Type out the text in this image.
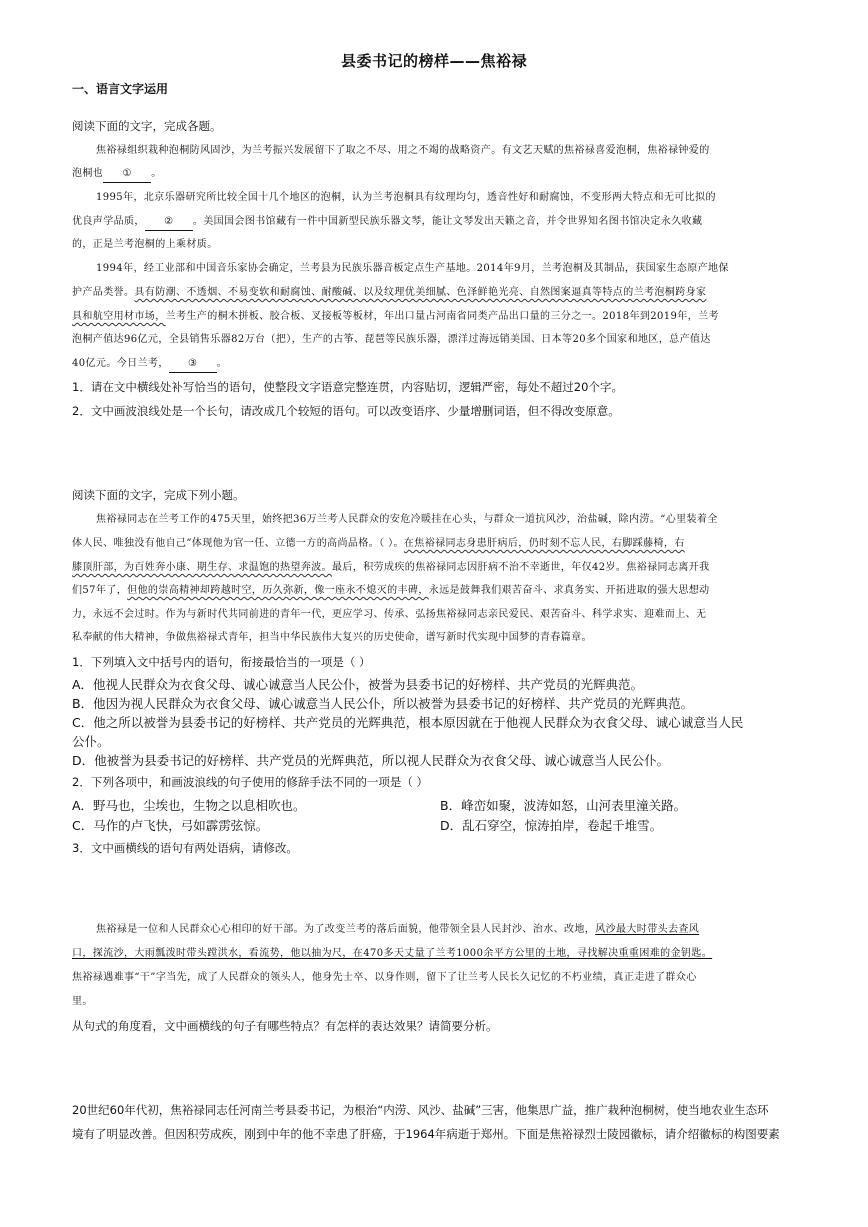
县委书记的榜样——焦裕禄
一、语言文字运用
阅读下面的文字，完成各题。
焦裕禄组织栽种泡桐防风固沙，为兰考振兴发展留下了取之不尽、用之不竭的战略资产。有文艺天赋的焦裕禄喜爱泡桐，焦裕禄钟爱的
泡桐也 ① 。
1995年，北京乐器研究所比较全国十几个地区的泡桐，认为兰考泡桐具有纹理均匀，透音性好和耐腐蚀，不变形两大特点和无可比拟的
优良声学品质， ② 。美国国会图书馆藏有一件中国新型民族乐器文琴，能让文琴发出天籁之音，并令世界知名图书馆决定永久收藏
的，正是兰考泡桐的上乘材质。
1994年，经工业部和中国音乐家协会确定，兰考县为民族乐器音板定点生产基地。2014年9月，兰考泡桐及其制品，获国家生态原产地保
护产品类誉。具有防潮、不透烟、不易变软和耐腐蚀、耐酸碱、以及纹理优美细腻、色泽鲜艳光亮、自然图案逼真等特点的兰考泡桐跨身家
具和航空用材市场，兰考生产的桐木拼板、胶合板、叉接板等板材，年出口量占河南省同类产品出口量的三分之一。2018年到2019年，兰考
泡桐产值达96亿元，全县销售乐器82万台（把），生产的古筝、琵琶等民族乐器，漂洋过海远销美国、日本等20多个国家和地区，总产值达
40亿元。今日兰考， ③ 。
1．请在文中横线处补写恰当的语句，使整段文字语意完整连贯，内容贴切，逻辑严密，每处不超过20个字。
2．文中画波浪线处是一个长句，请改成几个较短的语句。可以改变语序、少量增删词语，但不得改变原意。
阅读下面的文字，完成下列小题。
焦裕禄同志在兰考工作的475天里，始终把36万兰考人民群众的安危冷暖挂在心头，与群众一道抗风沙，治盐碱，除内涝。“心里装着全
体人民、唯独没有他自己”体现他为官一任、立德一方的高尚品格。（ ）。在焦裕禄同志身患肝病后，仍时刻不忘人民，右脚踩藤椅，右
膝顶肝部，为百姓奔小康、期生存、求温饱的热望奔波。最后，积劳成疾的焦裕禄同志因肝病不治不幸逝世，年仅42岁。焦裕禄同志离开我
们57年了，但他的崇高精神却跨越时空，历久弥新，像一座永不熄灭的丰碑，永远是鼓舞我们艰苦奋斗、求真务实、开拓进取的强大思想动
力，永远不会过时。作为与新时代共同前进的青年一代，更应学习、传承、弘扬焦裕禄同志亲民爱民、艰苦奋斗、科学求实、迎难而上、无
私奉献的伟大精神，争做焦裕禄式青年，担当中华民族伟大复兴的历史使命，谱写新时代实现中国梦的青春篇章。
1．下列填入文中括号内的语句，衔接最恰当的一项是（ ）
A．他视人民群众为衣食父母、诚心诚意当人民公仆，被誉为县委书记的好榜样、共产党员的光辉典范。
B．他因为视人民群众为衣食父母、诚心诚意当人民公仆，所以被誉为县委书记的好榜样、共产党员的光辉典范。
C．他之所以被誉为县委书记的好榜样、共产党员的光辉典范，根本原因就在于他视人民群众为衣食父母、诚心诚意当人民
公仆。
D．他被誉为县委书记的好榜样、共产党员的光辉典范，所以视人民群众为衣食父母、诚心诚意当人民公仆。
2．下列各项中，和画波浪线的句子使用的修辞手法不同的一项是（ ）
A．野马也，尘埃也，生物之以息相吹也。	B．峰峦如聚，波涛如怒，山河表里潼关路。
C．马作的卢飞快，弓如霹雳弦惊。	D．乱石穿空，惊涛拍岸，卷起千堆雪。
3．文中画横线的语句有两处语病，请修改。
焦裕禄是一位和人民群众心心相印的好干部。为了改变兰考的落后面貌，他带领全县人民封沙、治水、改地，风沙最大时带头去查风
口，探流沙，大雨瓢泼时带头蹚洪水，看流势，他以抽为尺，在470多天丈量了兰考1000余平方公里的土地，寻找解决重重困难的金钥匙。
焦裕禄遇难事“干”字当先，成了人民群众的领头人，他身先士卒、以身作则，留下了让兰考人民长久记忆的不朽业绩，真正走进了群众心
里。
从句式的角度看，文中画横线的句子有哪些特点？有怎样的表达效果？请简要分析。
20世纪60年代初，焦裕禄同志任河南兰考县委书记，为根治“内涝、风沙、盐碱”三害，他集思广益，推广栽种泡桐树，使当地农业生态环
境有了明显改善。但因积劳成疾，刚到中年的他不幸患了肝癌，于1964年病逝于郑州。下面是焦裕禄烈士陵园徽标，请介绍徽标的构图要素
